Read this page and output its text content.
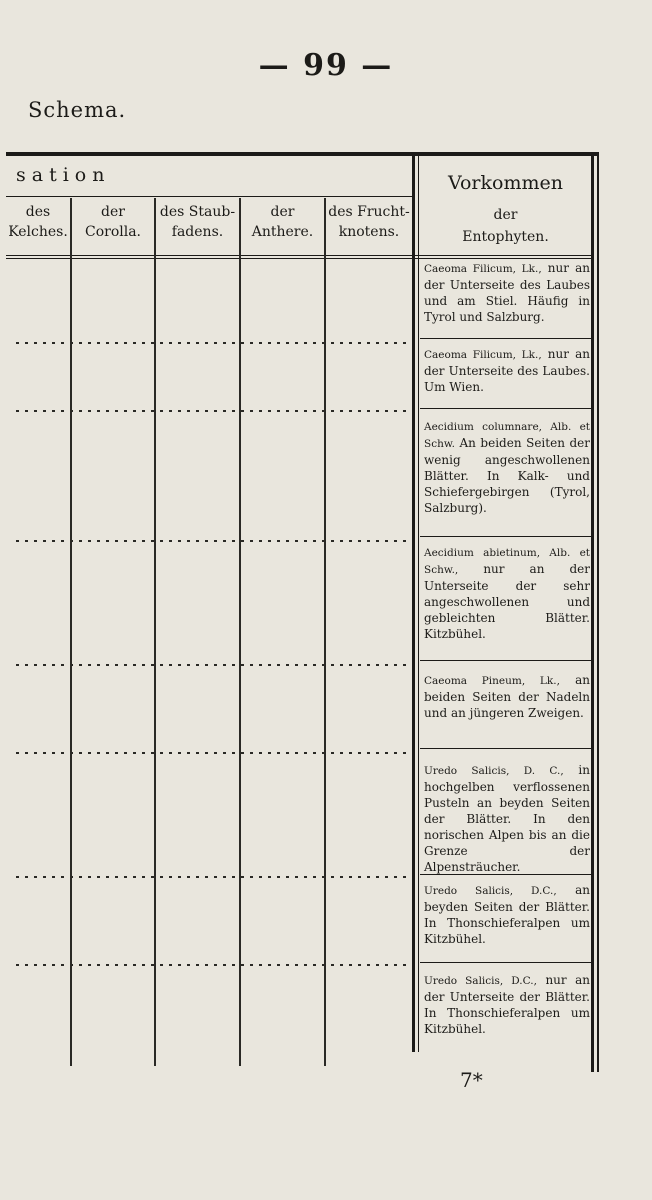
— 99 —
Schema.
sation
des
Kelches.
der
Corolla.
des Staub-
fadens.
der
Anthere.
des Frucht-
knotens.
Vorkommen
der
Entophyten.
Caeoma Filicum, Lk., nur an der Unterseite des Laubes und am Stiel. Häufig in Tyrol und Salzburg.
Caeoma Filicum, Lk., nur an der Unterseite des Laubes. Um Wien.
Aecidium columnare, Alb. et Schw. An beiden Seiten der wenig angeschwollenen Blätter. In Kalk- und Schiefergebirgen (Tyrol, Salzburg).
Aecidium abietinum, Alb. et Schw., nur an der Unterseite der sehr angeschwollenen und gebleichten Blätter. Kitzbühel.
Caeoma Pineum, Lk., an beiden Seiten der Nadeln und an jüngeren Zweigen.
Uredo Salicis, D. C., in hochgelben verflossenen Pusteln an beyden Seiten der Blätter. In den norischen Alpen bis an die Grenze der Alpensträucher.
Uredo Salicis, D.C., an beyden Seiten der Blätter. In Thonschieferalpen um Kitzbühel.
Uredo Salicis, D.C., nur an der Unterseite der Blätter. In Thonschieferalpen um Kitzbühel.
7*
